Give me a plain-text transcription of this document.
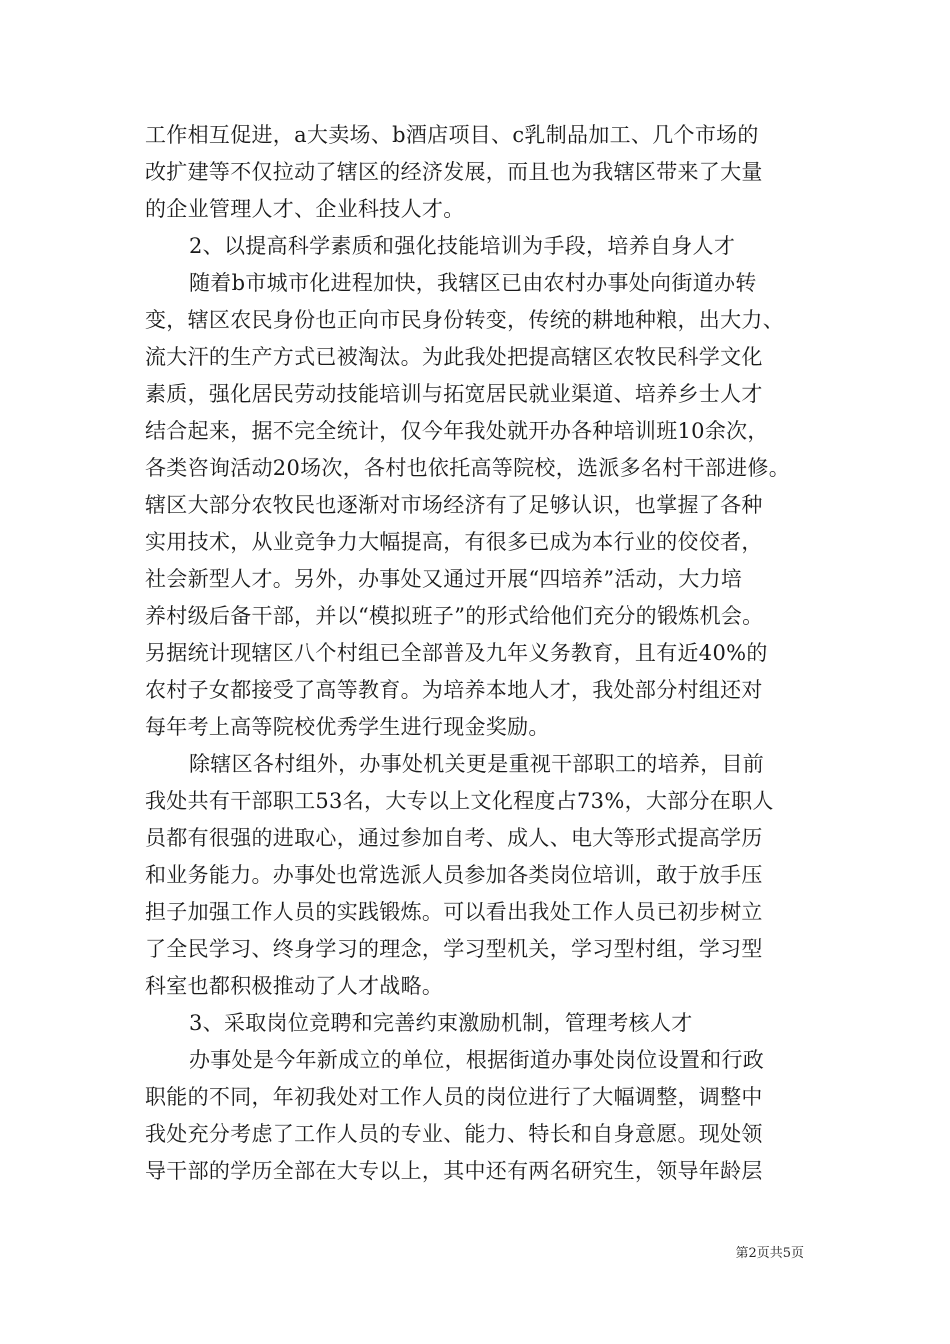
工作相互促进，a大卖场、b酒店项目、c乳制品加工、几个市场的
改扩建等不仅拉动了辖区的经济发展，而且也为我辖区带来了大量
的企业管理人才、企业科技人才。
2、以提高科学素质和强化技能培训为手段，培养自身人才
随着b市城市化进程加快，我辖区已由农村办事处向街道办转
变，辖区农民身份也正向市民身份转变，传统的耕地种粮，出大力、
流大汗的生产方式已被淘汰。为此我处把提高辖区农牧民科学文化
素质，强化居民劳动技能培训与拓宽居民就业渠道、培养乡士人才
结合起来，据不完全统计，仅今年我处就开办各种培训班10余次，
各类咨询活动20场次，各村也依托高等院校，选派多名村干部进修。
辖区大部分农牧民也逐渐对市场经济有了足够认识，也掌握了各种
实用技术，从业竞争力大幅提高，有很多已成为本行业的佼佼者，
社会新型人才。另外，办事处又通过开展“四培养”活动，大力培
养村级后备干部，并以“模拟班子”的形式给他们充分的锻炼机会。
另据统计现辖区八个村组已全部普及九年义务教育，且有近40%的
农村子女都接受了高等教育。为培养本地人才，我处部分村组还对
每年考上高等院校优秀学生进行现金奖励。
除辖区各村组外，办事处机关更是重视干部职工的培养，目前
我处共有干部职工53名，大专以上文化程度占73%，大部分在职人
员都有很强的进取心，通过参加自考、成人、电大等形式提高学历
和业务能力。办事处也常选派人员参加各类岗位培训，敢于放手压
担子加强工作人员的实践锻炼。可以看出我处工作人员已初步树立
了全民学习、终身学习的理念，学习型机关，学习型村组，学习型
科室也都积极推动了人才战略。
3、采取岗位竞聘和完善约束激励机制，管理考核人才
办事处是今年新成立的单位，根据街道办事处岗位设置和行政
职能的不同，年初我处对工作人员的岗位进行了大幅调整，调整中
我处充分考虑了工作人员的专业、能力、特长和自身意愿。现处领
导干部的学历全部在大专以上，其中还有两名研究生，领导年龄层
第2页共5页
